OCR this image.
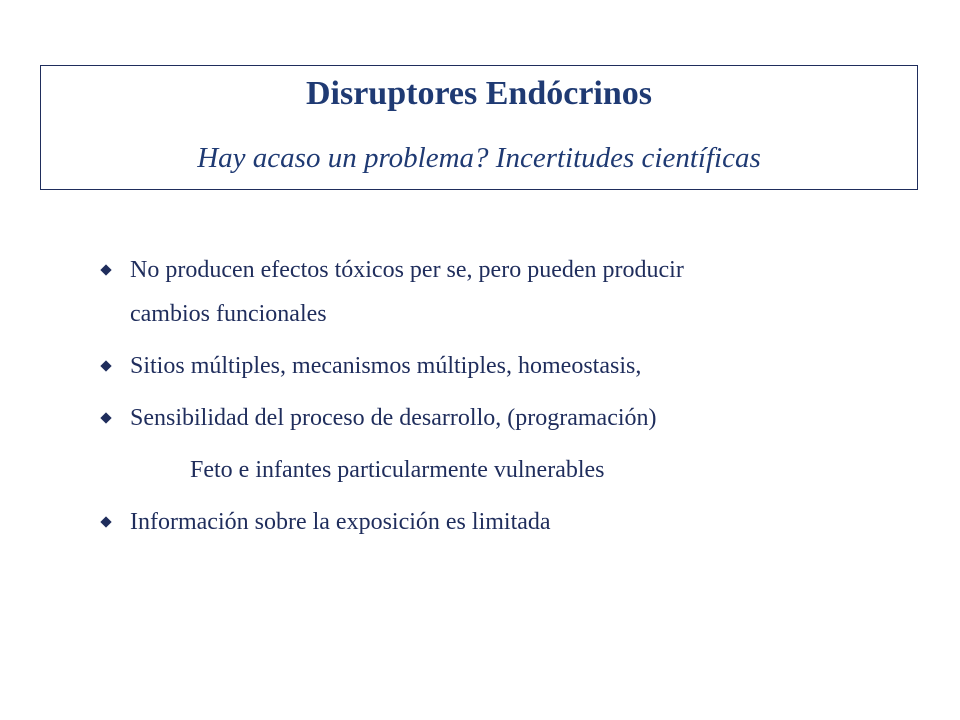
Disruptores Endócrinos
Hay acaso un problema? Incertitudes científicas
No producen efectos tóxicos per se, pero pueden producir
cambios funcionales
Sitios múltiples, mecanismos múltiples, homeostasis,
Sensibilidad del proceso de desarrollo, (programación)
Feto e infantes particularmente vulnerables
Información sobre la exposición es limitada
